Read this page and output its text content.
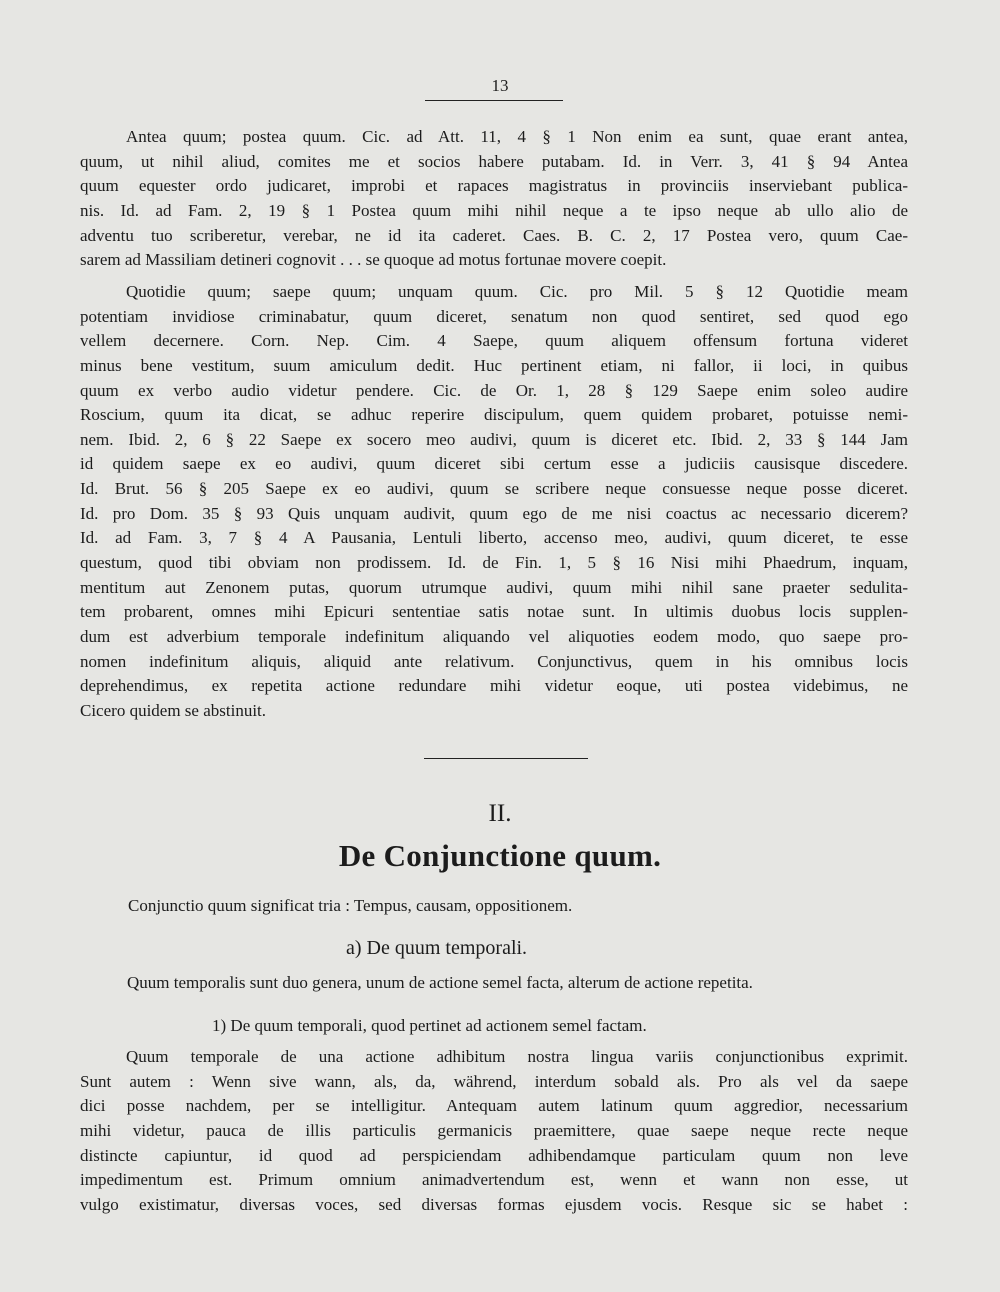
13
Antea quum; postea quum. Cic. ad Att. 11, 4 § 1 Non enim ea sunt, quae erant antea,
quum, ut nihil aliud, comites me et socios habere putabam. Id. in Verr. 3, 41 § 94 Antea
quum equester ordo judicaret, improbi et rapaces magistratus in provinciis inserviebant publica-
nis. Id. ad Fam. 2, 19 § 1 Postea quum mihi nihil neque a te ipso neque ab ullo alio de
adventu tuo scriberetur, verebar, ne id ita caderet. Caes. B. C. 2, 17 Postea vero, quum Cae-
sarem ad Massiliam detineri cognovit . . . se quoque ad motus fortunae movere coepit.
Quotidie quum; saepe quum; unquam quum. Cic. pro Mil. 5 § 12 Quotidie meam
potentiam invidiose criminabatur, quum diceret, senatum non quod sentiret, sed quod ego
vellem decernere. Corn. Nep. Cim. 4 Saepe, quum aliquem offensum fortuna videret
minus bene vestitum, suum amiculum dedit. Huc pertinent etiam, ni fallor, ii loci, in quibus
quum ex verbo audio videtur pendere. Cic. de Or. 1, 28 § 129 Saepe enim soleo audire
Roscium, quum ita dicat, se adhuc reperire discipulum, quem quidem probaret, potuisse nemi-
nem. Ibid. 2, 6 § 22 Saepe ex socero meo audivi, quum is diceret etc. Ibid. 2, 33 § 144 Jam
id quidem saepe ex eo audivi, quum diceret sibi certum esse a judiciis causisque discedere.
Id. Brut. 56 § 205 Saepe ex eo audivi, quum se scribere neque consuesse neque posse diceret.
Id. pro Dom. 35 § 93 Quis unquam audivit, quum ego de me nisi coactus ac necessario dicerem?
Id. ad Fam. 3, 7 § 4 A Pausania, Lentuli liberto, accenso meo, audivi, quum diceret, te esse
questum, quod tibi obviam non prodissem. Id. de Fin. 1, 5 § 16 Nisi mihi Phaedrum, inquam,
mentitum aut Zenonem putas, quorum utrumque audivi, quum mihi nihil sane praeter sedulita-
tem probarent, omnes mihi Epicuri sententiae satis notae sunt. In ultimis duobus locis supplen-
dum est adverbium temporale indefinitum aliquando vel aliquoties eodem modo, quo saepe pro-
nomen indefinitum aliquis, aliquid ante relativum. Conjunctivus, quem in his omnibus locis
deprehendimus, ex repetita actione redundare mihi videtur eoque, uti postea videbimus, ne
Cicero quidem se abstinuit.
II.
De Conjunctione quum.
Conjunctio quum significat tria : Tempus, causam, oppositionem.
a) De quum temporali.
Quum temporalis sunt duo genera, unum de actione semel facta, alterum de actione repetita.
1) De quum temporali, quod pertinet ad actionem semel factam.
Quum temporale de una actione adhibitum nostra lingua variis conjunctionibus exprimit.
Sunt autem : Wenn sive wann, als, da, während, interdum sobald als. Pro als vel da saepe
dici posse nachdem, per se intelligitur. Antequam autem latinum quum aggredior, necessarium
mihi videtur, pauca de illis particulis germanicis praemittere, quae saepe neque recte neque
distincte capiuntur, id quod ad perspiciendam adhibendamque particulam quum non leve
impedimentum est. Primum omnium animadvertendum est, wenn et wann non esse, ut
vulgo existimatur, diversas voces, sed diversas formas ejusdem vocis. Resque sic se habet :
